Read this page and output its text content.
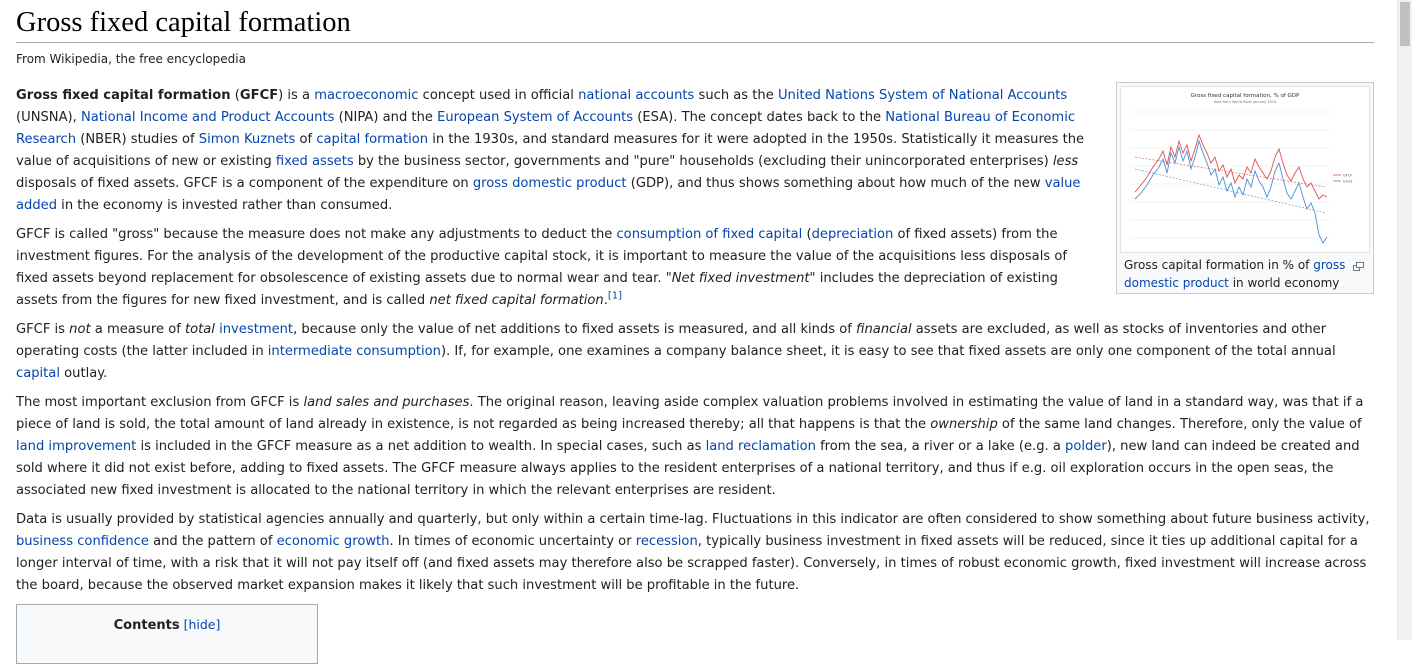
Gross fixed capital formation
From Wikipedia, the free encyclopedia
Gross fixed capital formation, % of GDP
data from World Bank January 2014
GFCF
trend
Gross capital formation in % of gross domestic product in world economy

Gross fixed capital formation (GFCF) is a macroeconomic concept used in official national accounts such as the United Nations System of National Accounts (UNSNA), National Income and Product Accounts (NIPA) and the European System of Accounts (ESA). The concept dates back to the National Bureau of Economic Research (NBER) studies of Simon Kuznets of capital formation in the 1930s, and standard measures for it were adopted in the 1950s. Statistically it measures the value of acquisitions of new or existing fixed assets by the business sector, governments and "pure" households (excluding their unincorporated enterprises) less disposals of fixed assets. GFCF is a component of the expenditure on gross domestic product (GDP), and thus shows something about how much of the new value added in the economy is invested rather than consumed.

GFCF is called "gross" because the measure does not make any adjustments to deduct the consumption of fixed capital (depreciation of fixed assets) from the investment figures. For the analysis of the development of the productive capital stock, it is important to measure the value of the acquisitions less disposals of fixed assets beyond replacement for obsolescence of existing assets due to normal wear and tear. "Net fixed investment" includes the depreciation of existing assets from the figures for new fixed investment, and is called net fixed capital formation.[1]

GFCF is not a measure of total investment, because only the value of net additions to fixed assets is measured, and all kinds of financial assets are excluded, as well as stocks of inventories and other operating costs (the latter included in intermediate consumption). If, for example, one examines a company balance sheet, it is easy to see that fixed assets are only one component of the total annual capital outlay.

The most important exclusion from GFCF is land sales and purchases. The original reason, leaving aside complex valuation problems involved in estimating the value of land in a standard way, was that if a piece of land is sold, the total amount of land already in existence, is not regarded as being increased thereby; all that happens is that the ownership of the same land changes. Therefore, only the value of land improvement is included in the GFCF measure as a net addition to wealth. In special cases, such as land reclamation from the sea, a river or a lake (e.g. a polder), new land can indeed be created and sold where it did not exist before, adding to fixed assets. The GFCF measure always applies to the resident enterprises of a national territory, and thus if e.g. oil exploration occurs in the open seas, the associated new fixed investment is allocated to the national territory in which the relevant enterprises are resident.

Data is usually provided by statistical agencies annually and quarterly, but only within a certain time-lag. Fluctuations in this indicator are often considered to show something about future business activity, business confidence and the pattern of economic growth. In times of economic uncertainty or recession, typically business investment in fixed assets will be reduced, since it ties up additional capital for a longer interval of time, with a risk that it will not pay itself off (and fixed assets may therefore also be scrapped faster). Conversely, in times of robust economic growth, fixed investment will increase across the board, because the observed market expansion makes it likely that such investment will be profitable in the future.

Contents [hide]
